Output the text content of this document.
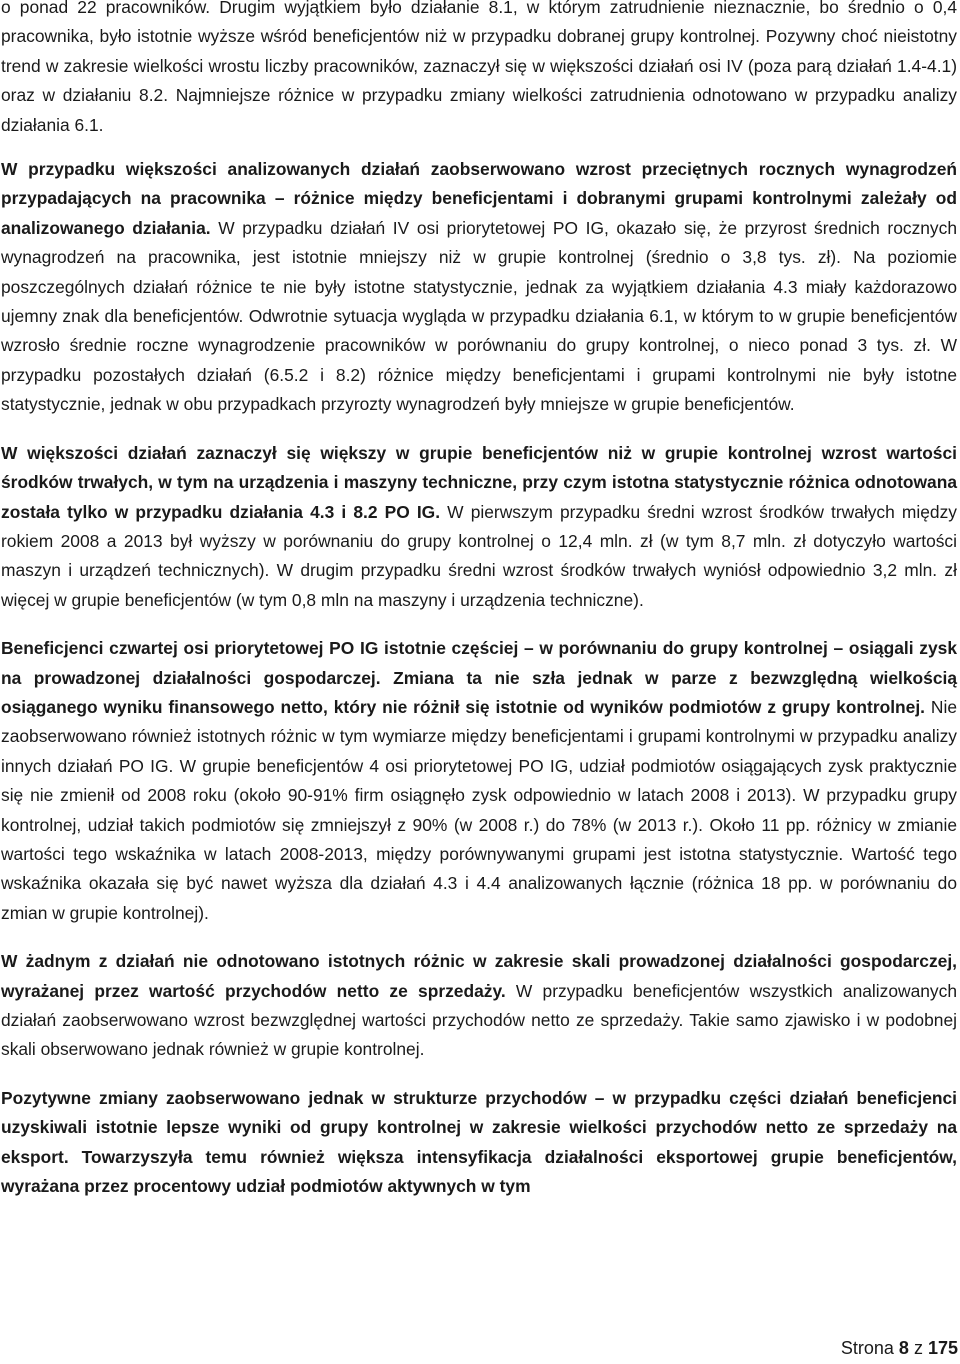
o ponad 22 pracowników. Drugim wyjątkiem było działanie 8.1, w którym zatrudnienie nieznacznie, bo średnio o 0,4 pracownika, było istotnie wyższe wśród beneficjentów niż w przypadku dobranej grupy kontrolnej. Pozywny choć nieistotny trend w zakresie wielkości wrostu liczby pracowników, zaznaczył się w większości działań osi IV (poza parą działań 1.4-4.1) oraz w działaniu 8.2. Najmniejsze różnice w przypadku zmiany wielkości zatrudnienia odnotowano w przypadku analizy działania 6.1.

W przypadku większości analizowanych działań zaobserwowano wzrost przeciętnych rocznych wynagrodzeń przypadających na pracownika – różnice między beneficjentami i dobranymi grupami kontrolnymi zależały od analizowanego działania. W przypadku działań IV osi priorytetowej PO IG, okazało się, że przyrost średnich rocznych wynagrodzeń na pracownika, jest istotnie mniejszy niż w grupie kontrolnej (średnio o 3,8 tys. zł). Na poziomie poszczególnych działań różnice te nie były istotne statystycznie, jednak za wyjątkiem działania 4.3 miały każdorazowo ujemny znak dla beneficjentów. Odwrotnie sytuacja wygląda w przypadku działania 6.1, w którym to w grupie beneficjentów wzrosło średnie roczne wynagrodzenie pracowników w porównaniu do grupy kontrolnej, o nieco ponad 3 tys. zł. W przypadku pozostałych działań (6.5.2 i 8.2) różnice między beneficjentami i grupami kontrolnymi nie były istotne statystycznie, jednak w obu przypadkach przyrozty wynagrodzeń były mniejsze w grupie beneficjentów.

W większości działań zaznaczył się większy w grupie beneficjentów niż w grupie kontrolnej wzrost wartości środków trwałych, w tym na urządzenia i maszyny techniczne, przy czym istotna statystycznie różnica odnotowana została tylko w przypadku działania 4.3 i 8.2 PO IG. W pierwszym przypadku średni wzrost środków trwałych między rokiem 2008 a 2013 był wyższy w porównaniu do grupy kontrolnej o 12,4 mln. zł (w tym 8,7 mln. zł dotyczyło wartości maszyn i urządzeń technicznych). W drugim przypadku średni wzrost środków trwałych wyniósł odpowiednio 3,2 mln. zł więcej w grupie beneficjentów (w tym 0,8 mln na maszyny i urządzenia techniczne).

Beneficjenci czwartej osi priorytetowej PO IG istotnie częściej – w porównaniu do grupy kontrolnej – osiągali zysk na prowadzonej działalności gospodarczej. Zmiana ta nie szła jednak w parze z bezwzględną wielkością osiąganego wyniku finansowego netto, który nie różnił się istotnie od wyników podmiotów z grupy kontrolnej. Nie zaobserwowano również istotnych różnic w tym wymiarze między beneficjentami i grupami kontrolnymi w przypadku analizy innych działań PO IG. W grupie beneficjentów 4 osi priorytetowej PO IG, udział podmiotów osiągających zysk praktycznie się nie zmienił od 2008 roku (około 90-91% firm osiągnęło zysk odpowiednio w latach 2008 i 2013). W przypadku grupy kontrolnej, udział takich podmiotów się zmniejszył z 90% (w 2008 r.) do 78% (w 2013 r.). Około 11 pp. różnicy w zmianie wartości tego wskaźnika w latach 2008-2013, między porównywanymi grupami jest istotna statystycznie. Wartość tego wskaźnika okazała się być nawet wyższa dla działań 4.3 i 4.4 analizowanych łącznie (różnica 18 pp. w porównaniu do zmian w grupie kontrolnej).

W żadnym z działań nie odnotowano istotnych różnic w zakresie skali prowadzonej działalności gospodarczej, wyrażanej przez wartość przychodów netto ze sprzedaży. W przypadku beneficjentów wszystkich analizowanych działań zaobserwowano wzrost bezwzględnej wartości przychodów netto ze sprzedaży. Takie samo zjawisko i w podobnej skali obserwowano jednak również w grupie kontrolnej.

Pozytywne zmiany zaobserwowano jednak w strukturze przychodów – w przypadku części działań beneficjenci uzyskiwali istotnie lepsze wyniki od grupy kontrolnej w zakresie wielkości przychodów netto ze sprzedaży na eksport. Towarzyszyła temu również większa intensyfikacja działalności eksportowej grupie beneficjentów, wyrażana przez procentowy udział podmiotów aktywnych w tym

Strona 8 z 175
